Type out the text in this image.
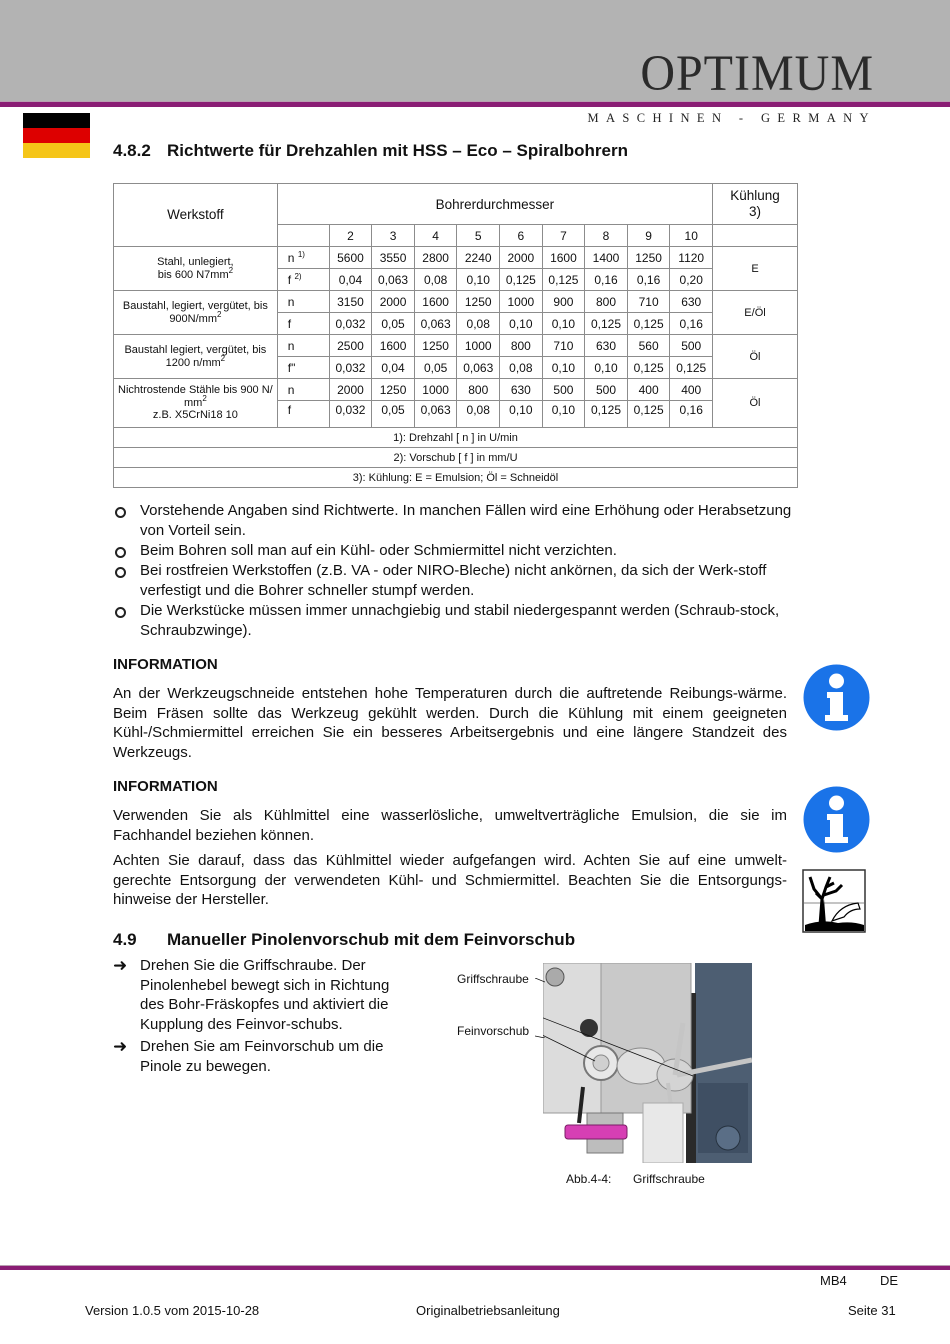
OPTIMUM
MASCHINEN - GERMANY
4.8.2 Richtwerte für Drehzahlen mit HSS – Eco – Spiralbohrern
Werkstoff	Bohrerdurchmesser										Kühlung
3)
		2	3	4	5	6	7	8	9	10	
Stahl, unlegiert,
bis 600 $N7mm^2$	n $^{1)}$	5600	3550	2800	2240	2000	1600	1400	1250	1120	E
	f $^{2)}$	0,04	0,063	0,08	0,10	0,125	0,125	0,16	0,16	0,20	
Baustahl, legiert, vergütet, bis
$900N/mm^2$	n	3150	2000	1600	1250	1000	900	800	710	630	E/Öl
	f	0,032	0,05	0,063	0,08	0,10	0,10	0,125	0,125	0,16	
Baustahl legiert, vergütet, bis
1200 $n/mm^2$	n	2500	1600	1250	1000	800	710	630	560	500	Öl
	f"	0,032	0,04	0,05	0,063	0,08	0,10	0,10	0,125	0,125	
Nichtrostende Stähle bis 900 N/
$mm^2$
z.B. X5CrNi18 10	n	2000	1250	1000	800	630	500	500	400	400	Öl
	f	0,032	0,05	0,063	0,08	0,10	0,10	0,125	0,125	0,16	
1): Drehzahl [ n ] in U/min											
2): Vorschub [ f ] in mm/U											
3): Kühlung: E = Emulsion; Öl = Schneidöl											
Vorstehende Angaben sind Richtwerte. In manchen Fällen wird eine Erhöhung oder Herabsetzung von Vorteil sein.
Beim Bohren soll man auf ein Kühl- oder Schmiermittel nicht verzichten.
Bei rostfreien Werkstoffen (z.B. VA - oder NIRO-Bleche) nicht ankörnen, da sich der Werk-stoff verfestigt und die Bohrer schneller stumpf werden.
Die Werkstücke müssen immer unnachgiebig und stabil niedergespannt werden (Schraub-stock, Schraubzwinge).
INFORMATION
An der Werkzeugschneide entstehen hohe Temperaturen durch die auftretende Reibungs-wärme. Beim Fräsen sollte das Werkzeug gekühlt werden. Durch die Kühlung mit einem geeigneten Kühl-/Schmiermittel erreichen Sie ein besseres Arbeitsergebnis und eine längere Standzeit des Werkzeugs.
INFORMATION
Verwenden Sie als Kühlmittel eine wasserlösliche, umweltverträgliche Emulsion, die sie im Fachhandel beziehen können.
Achten Sie darauf, dass das Kühlmittel wieder aufgefangen wird. Achten Sie auf eine umwelt-gerechte Entsorgung der verwendeten Kühl- und Schmiermittel. Beachten Sie die Entsorgungs-hinweise der Hersteller.
4.9 Manueller Pinolenvorschub mit dem Feinvorschub
➜ Drehen Sie die Griffschraube. Der Pinolenhebel bewegt sich in Richtung des Bohr-Fräskopfes und aktiviert die Kupplung des Feinvor-schubs.
➜ Drehen Sie am Feinvorschub um die Pinole zu bewegen.
Griffschraube
Feinvorschub
Abb.4-4: Griffschraube
MB4	DE
Version 1.0.5 vom 2015-10-28	Originalbetriebsanleitung	Seite 31
